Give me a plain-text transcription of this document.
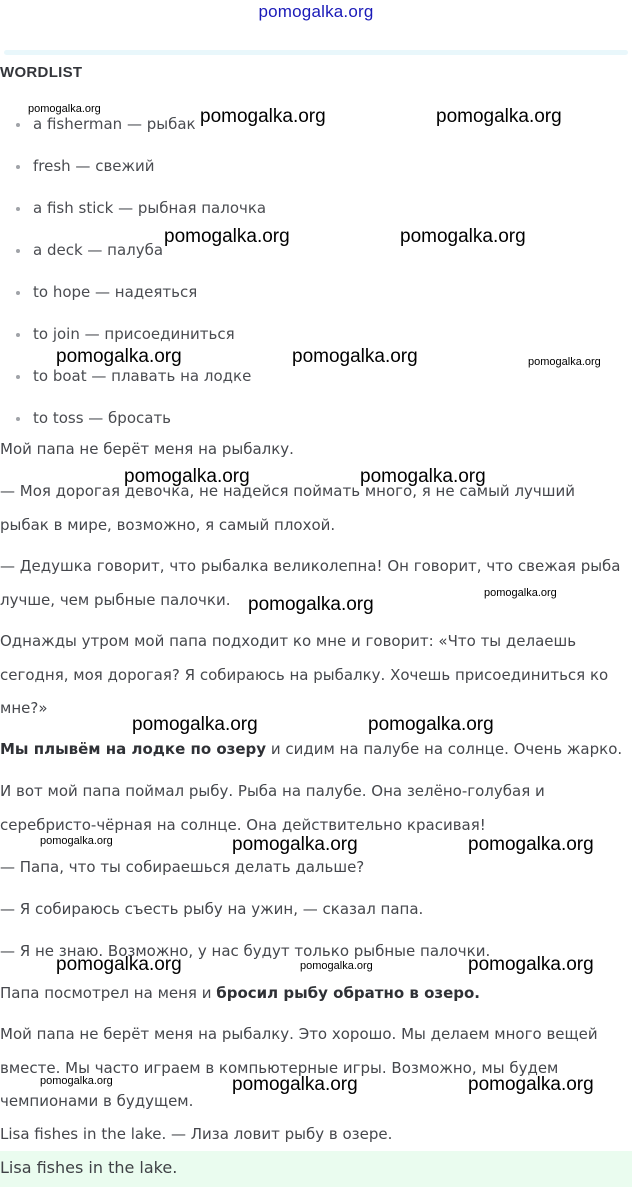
pomogalka.org
WORDLIST
a fisherman — рыбак
fresh — свежий
a fish stick — рыбная палочка
a deck — палуба
to hope — надеяться
to join — присоединиться
to boat — плавать на лодке
to toss — бросать

Мой папа не берёт меня на рыбалку.

— Моя дорогая девочка, не надейся поймать много, я не самый лучший рыбак в мире, возможно, я самый плохой.

— Дедушка говорит, что рыбалка великолепна! Он говорит, что свежая рыба лучше, чем рыбные палочки.

Однажды утром мой папа подходит ко мне и говорит: «Что ты делаешь сегодня, моя дорогая? Я собираюсь на рыбалку. Хочешь присоединиться ко мне?»

Мы плывём на лодке по озеру и сидим на палубе на солнце. Очень жарко.

И вот мой папа поймал рыбу. Рыба на палубе. Она зелёно-голубая и серебристо-чёрная на солнце. Она действительно красивая!

— Папа, что ты собираешься делать дальше?

— Я собираюсь съесть рыбу на ужин, — сказал папа.

— Я не знаю. Возможно, у нас будут только рыбные палочки.

Папа посмотрел на меня и бросил рыбу обратно в озеро.

Мой папа не берёт меня на рыбалку. Это хорошо. Мы делаем много вещей вместе. Мы часто играем в компьютерные игры. Возможно, мы будем чемпионами в будущем.

Lisa fishes in the lake. — Лиза ловит рыбу в озере.

Lisa fishes in the lake.
pomogalka.org	pomogalka.org	pomogalka.org
pomogalka.org	pomogalka.org
pomogalka.org	pomogalka.org	pomogalka.org
pomogalka.org	pomogalka.org
pomogalka.org
pomogalka.org
pomogalka.org	pomogalka.org
pomogalka.org	pomogalka.org	pomogalka.org
pomogalka.org	pomogalka.org	pomogalka.org
pomogalka.org	pomogalka.org	pomogalka.org
